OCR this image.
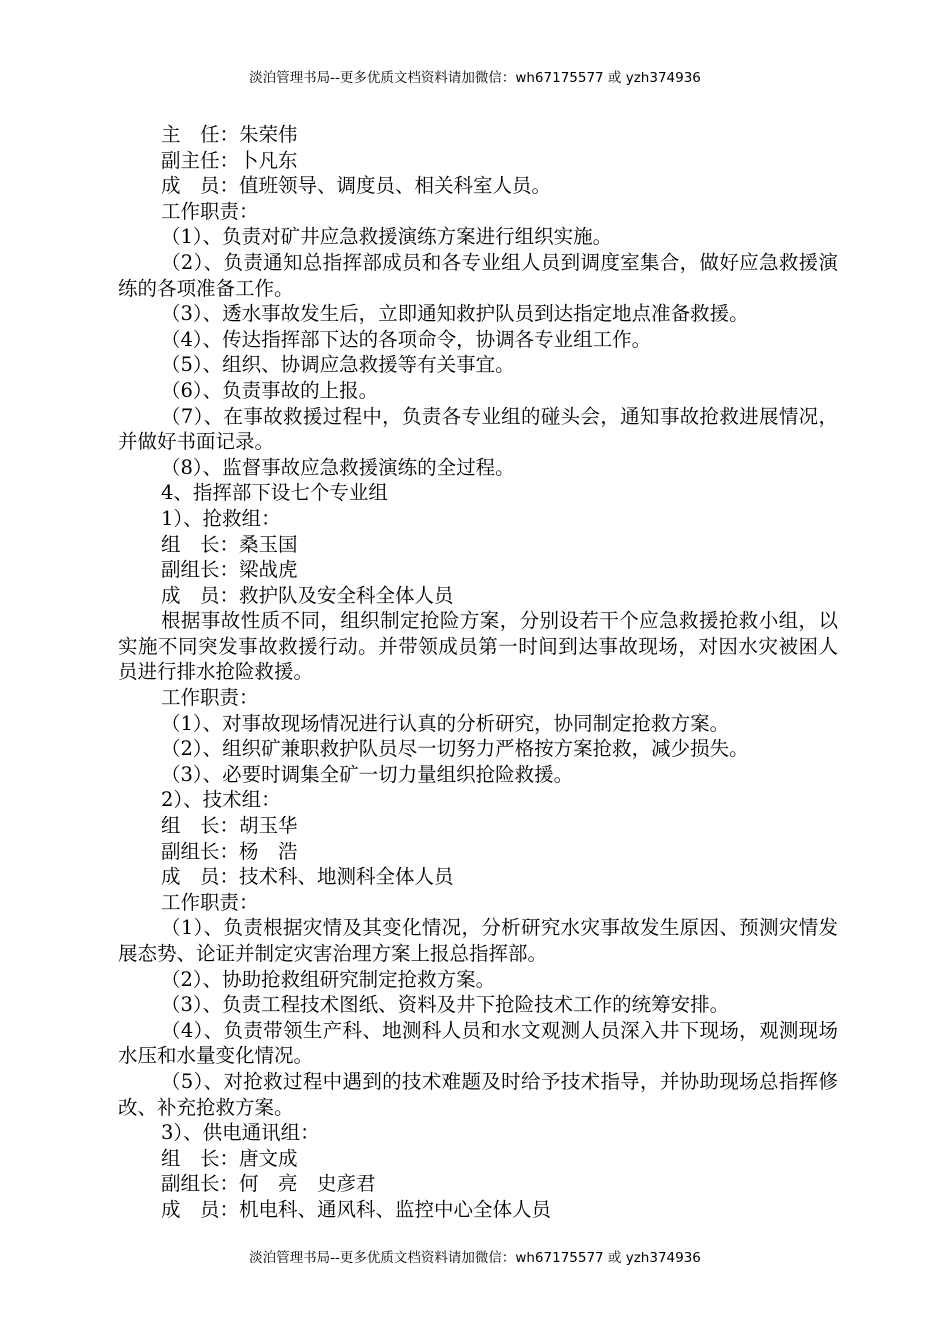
淡泊管理书局--更多优质文档资料请加微信：wh67175577 或 yzh374936

主　任：朱荣伟

副主任：卜凡东

成　员：值班领导、调度员、相关科室人员。

工作职责：

（1）、负责对矿井应急救援演练方案进行组织实施。

（2）、负责通知总指挥部成员和各专业组人员到调度室集合，做好应急救援演练的各项准备工作。

（3）、透水事故发生后，立即通知救护队员到达指定地点准备救援。

（4）、传达指挥部下达的各项命令，协调各专业组工作。

（5）、组织、协调应急救援等有关事宜。

（6）、负责事故的上报。

（7）、在事故救援过程中，负责各专业组的碰头会，通知事故抢救进展情况，并做好书面记录。

（8）、监督事故应急救援演练的全过程。

4、指挥部下设七个专业组

1）、抢救组：

组　长：桑玉国

副组长：梁战虎

成　员：救护队及安全科全体人员

根据事故性质不同，组织制定抢险方案，分别设若干个应急救援抢救小组，以实施不同突发事故救援行动。并带领成员第一时间到达事故现场，对因水灾被困人员进行排水抢险救援。

工作职责：

（1）、对事故现场情况进行认真的分析研究，协同制定抢救方案。

（2）、组织矿兼职救护队员尽一切努力严格按方案抢救，减少损失。

（3）、必要时调集全矿一切力量组织抢险救援。

2）、技术组：

组　长：胡玉华

副组长：杨　浩

成　员：技术科、地测科全体人员

工作职责：

（1）、负责根据灾情及其变化情况，分析研究水灾事故发生原因、预测灾情发展态势、论证并制定灾害治理方案上报总指挥部。

（2）、协助抢救组研究制定抢救方案。

（3）、负责工程技术图纸、资料及井下抢险技术工作的统筹安排。

（4）、负责带领生产科、地测科人员和水文观测人员深入井下现场，观测现场水压和水量变化情况。

（5）、对抢救过程中遇到的技术难题及时给予技术指导，并协助现场总指挥修改、补充抢救方案。

3）、供电通讯组：

组　长：唐文成

副组长：何　亮　史彦君

成　员：机电科、通风科、监控中心全体人员

淡泊管理书局--更多优质文档资料请加微信：wh67175577 或 yzh374936
